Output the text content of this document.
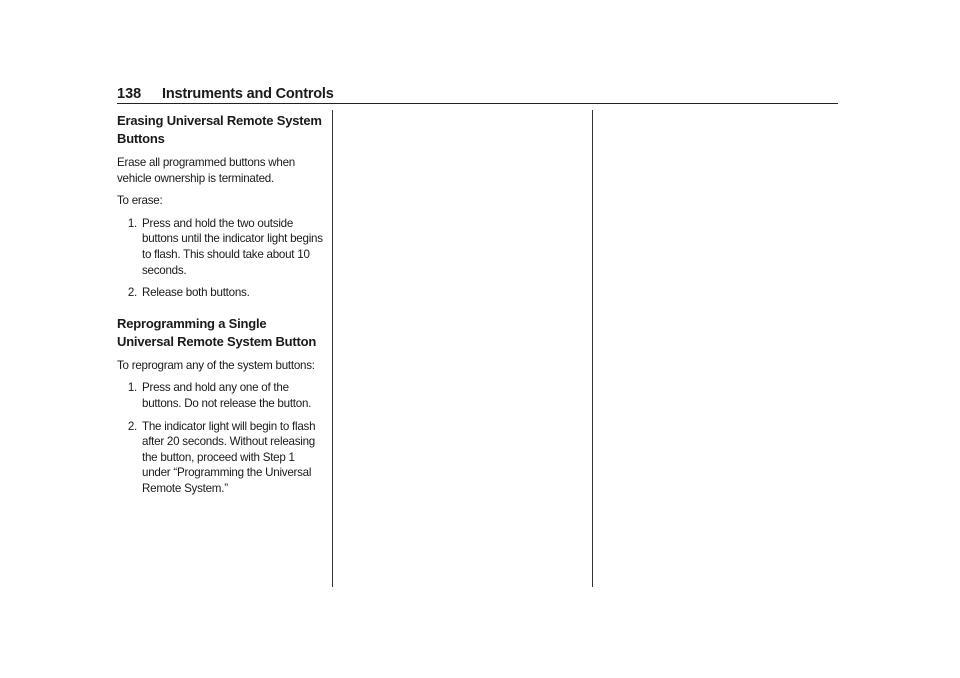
138	Instruments and Controls
Erasing Universal Remote System Buttons

Erase all programmed buttons when vehicle ownership is terminated.

To erase:

1. Press and hold the two outside buttons until the indicator light begins to flash. This should take about 10 seconds.
2. Release both buttons.
Reprogramming a Single Universal Remote System Button

To reprogram any of the system buttons:

1. Press and hold any one of the buttons. Do not release the button.
2. The indicator light will begin to flash after 20 seconds. Without releasing the button, proceed with Step 1 under “Programming the Universal Remote System.”
